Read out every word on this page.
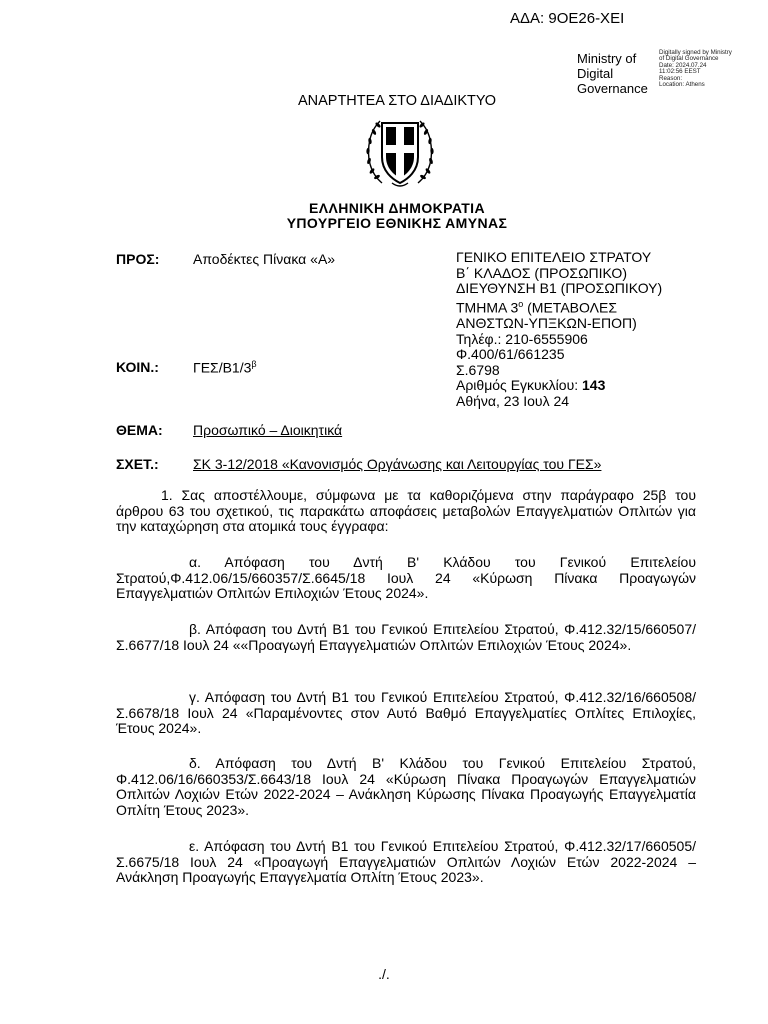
ΑΔΑ: 9ΟΕ26-ΧΕΙ
Ministry of
Digital
Governance
Digitally signed by Ministry
of Digital Governance
Date: 2024.07.24
11:02:56 EEST
Reason:
Location: Athens
ΑΝΑΡΤΗΤΕΑ ΣΤΟ ΔΙΑΔΙΚΤΥΟ
ΕΛΛΗΝΙΚΗ ΔΗΜΟΚΡΑΤΙΑ
ΥΠΟΥΡΓΕΙΟ ΕΘΝΙΚΗΣ ΑΜΥΝΑΣ
ΠΡΟΣ: Αποδέκτες Πίνακα «Α»
ΚΟΙΝ.: ΓΕΣ/$B1/3^\beta$
ΓΕΝΙΚΟ ΕΠΙΤΕΛΕΙΟ ΣΤΡΑΤΟΥ
Β΄ ΚΛΑΔΟΣ (ΠΡΟΣΩΠΙΚΟ)
ΔΙΕΥΘΥΝΣΗ Β1 (ΠΡΟΣΩΠΙΚΟΥ)
ΤΜΗΜΑ $3^o$ (ΜΕΤΑΒΟΛΕΣ
ΑΝΘΣΤΩΝ-ΥΠΞΚΩΝ-ΕΠΟΠ)
Τηλέφ.: 210-6555906
Φ.400/61/661235
Σ.6798
Αριθμός Εγκυκλίου: 143
Αθήνα, 23 Ιουλ 24
ΘΕΜΑ: Προσωπικό – Διοικητικά
ΣΧΕΤ.: ΣΚ 3-12/2018 «Κανονισμός Οργάνωσης και Λειτουργίας του ΓΕΣ»
1. Σας αποστέλλουμε, σύμφωνα με τα καθοριζόμενα στην παράγραφο 25β του άρθρου 63 του σχετικού, τις παρακάτω αποφάσεις μεταβολών Επαγγελματιών Οπλιτών για την καταχώρηση στα ατομικά τους έγγραφα:
α. Απόφαση του Δντή Β' Κλάδου του Γενικού Επιτελείου Στρατού,Φ.412.06/15/660357/Σ.6645/18 Ιουλ 24 «Κύρωση Πίνακα Προαγωγών Επαγγελματιών Οπλιτών Επιλοχιών Έτους 2024».
β. Απόφαση του Δντή Β1 του Γενικού Επιτελείου Στρατού, Φ.412.32/15/660507/Σ.6677/18 Ιουλ 24 ««Προαγωγή Επαγγελματιών Οπλιτών Επιλοχιών Έτους 2024».
γ. Απόφαση του Δντή Β1 του Γενικού Επιτελείου Στρατού, Φ.412.32/16/660508/Σ.6678/18 Ιουλ 24 «Παραμένοντες στον Αυτό Βαθμό Επαγγελματίες Οπλίτες Επιλοχίες, Έτους 2024».
δ. Απόφαση του Δντή Β' Κλάδου του Γενικού Επιτελείου Στρατού, Φ.412.06/16/660353/Σ.6643/18 Ιουλ 24 «Κύρωση Πίνακα Προαγωγών Επαγγελματιών Οπλιτών Λοχιών Ετών 2022-2024 – Ανάκληση Κύρωσης Πίνακα Προαγωγής Επαγγελματία Οπλίτη Έτους 2023».
ε. Απόφαση του Δντή Β1 του Γενικού Επιτελείου Στρατού, Φ.412.32/17/660505/Σ.6675/18 Ιουλ 24 «Προαγωγή Επαγγελματιών Οπλιτών Λοχιών Ετών 2022-2024 – Ανάκληση Προαγωγής Επαγγελματία Οπλίτη Έτους 2023».
./.
